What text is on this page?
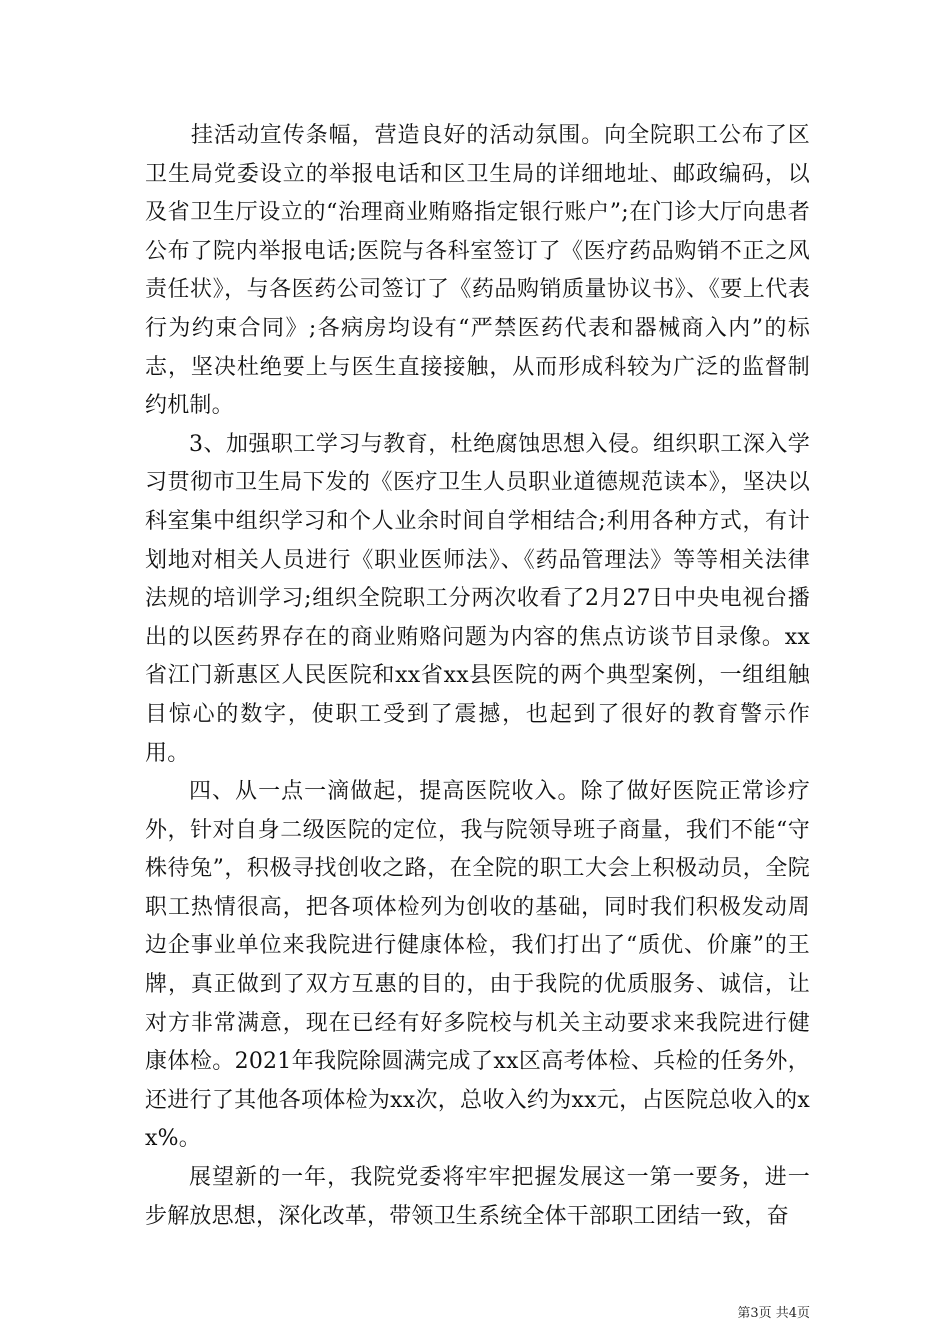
　　挂活动宣传条幅，营造良好的活动氛围。向全院职工公布了区卫生局党委设立的举报电话和区卫生局的详细地址、邮政编码，以及省卫生厅设立的“治理商业贿赂指定银行账户”;在门诊大厅向患者公布了院内举报电话;医院与各科室签订了《医疗药品购销不正之风责任状》，与各医药公司签订了《药品购销质量协议书》、《要上代表行为约束合同》;各病房均设有“严禁医药代表和器械商入内”的标志，坚决杜绝要上与医生直接接触，从而形成科较为广泛的监督制约机制。

3、加强职工学习与教育，杜绝腐蚀思想入侵。组织职工深入学习贯彻市卫生局下发的《医疗卫生人员职业道德规范读本》，坚决以科室集中组织学习和个人业余时间自学相结合;利用各种方式，有计划地对相关人员进行《职业医师法》、《药品管理法》等等相关法律法规的培训学习;组织全院职工分两次收看了2月27日中央电视台播出的以医药界存在的商业贿赂问题为内容的焦点访谈节目录像。xx省江门新惠区人民医院和xx省xx县医院的两个典型案例，一组组触目惊心的数字，使职工受到了震撼，也起到了很好的教育警示作用。

四、从一点一滴做起，提高医院收入。除了做好医院正常诊疗外，针对自身二级医院的定位，我与院领导班子商量，我们不能“守株待兔”，积极寻找创收之路，在全院的职工大会上积极动员，全院职工热情很高，把各项体检列为创收的基础，同时我们积极发动周边企事业单位来我院进行健康体检，我们打出了“质优、价廉”的王牌，真正做到了双方互惠的目的，由于我院的优质服务、诚信，让对方非常满意，现在已经有好多院校与机关主动要求来我院进行健康体检。2021年我院除圆满完成了xx区高考体检、兵检的任务外，还进行了其他各项体检为xx次，总收入约为xx元，占医院总收入的xx%。

展望新的一年，我院党委将牢牢把握发展这一第一要务，进一步解放思想，深化改革，带领卫生系统全体干部职工团结一致，奋

第3页 共4页
